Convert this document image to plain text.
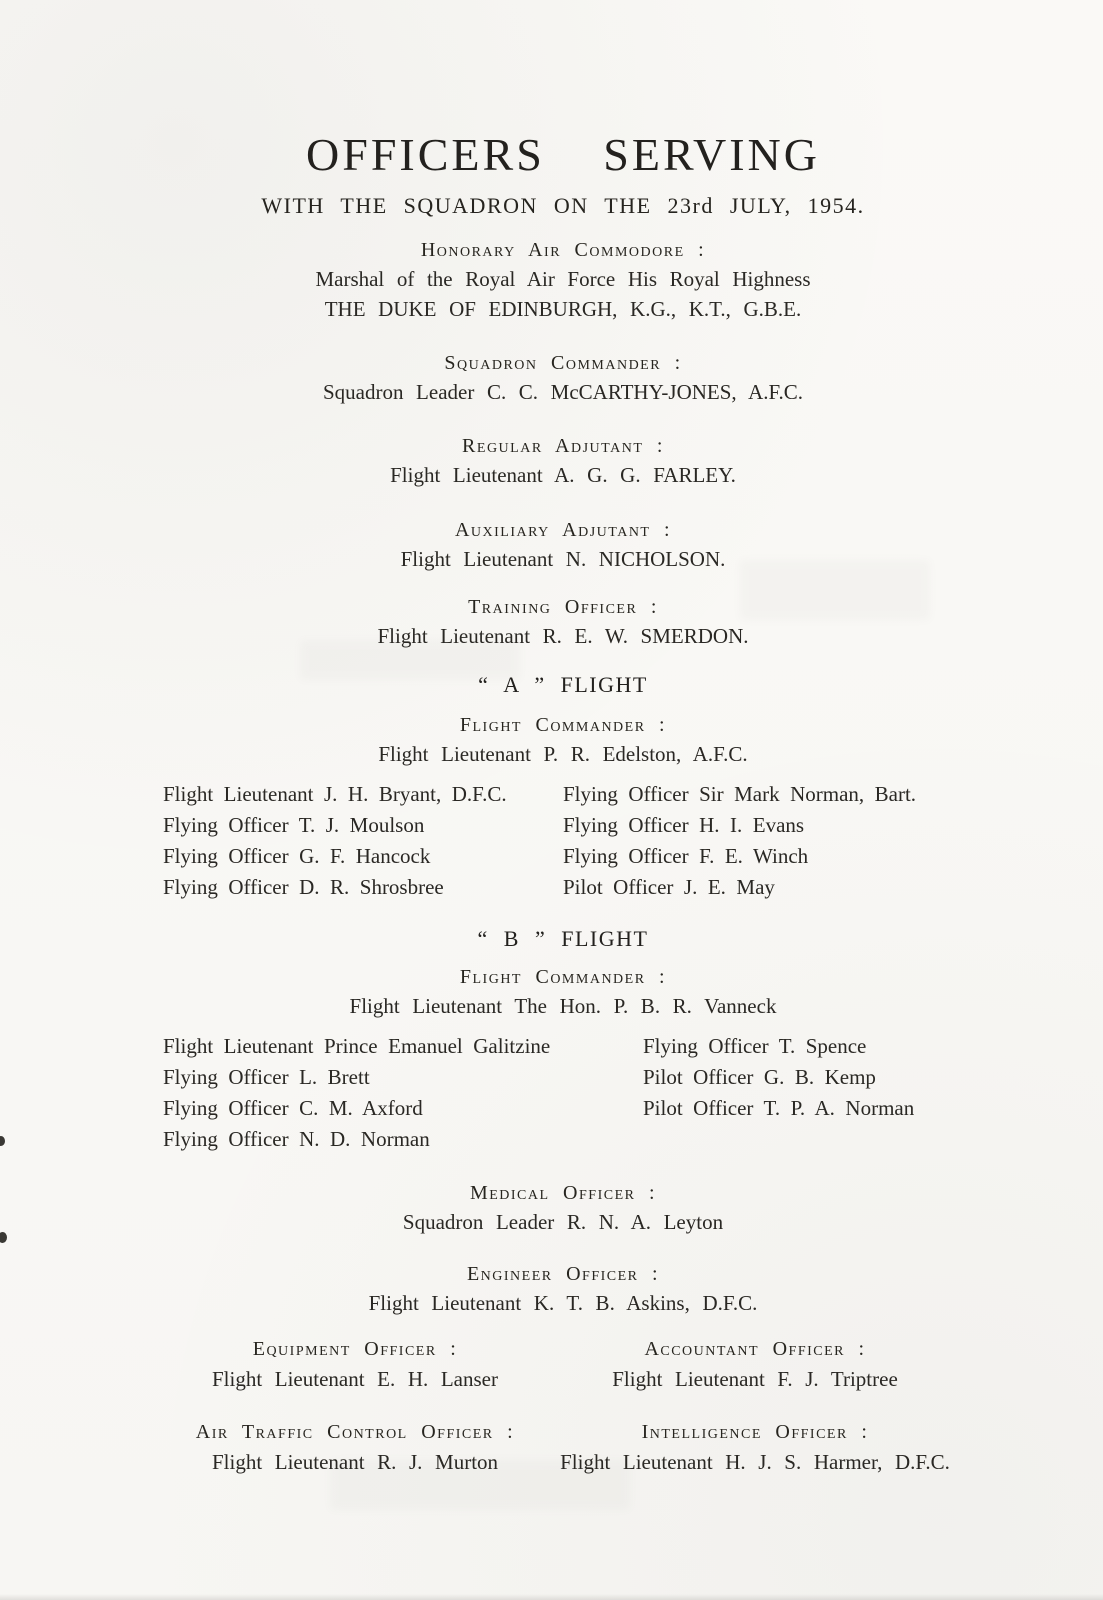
OFFICERS SERVING
WITH THE SQUADRON ON THE 23rd JULY, 1954.
Honorary Air Commodore :
Marshal of the Royal Air Force His Royal Highness
THE DUKE OF EDINBURGH, K.G., K.T., G.B.E.
Squadron Commander :
Squadron Leader C. C. McCARTHY-JONES, A.F.C.
Regular Adjutant :
Flight Lieutenant A. G. G. FARLEY.
Auxiliary Adjutant :
Flight Lieutenant N. NICHOLSON.
Training Officer :
Flight Lieutenant R. E. W. SMERDON.
“ A ” FLIGHT
Flight Commander :
Flight Lieutenant P. R. Edelston, A.F.C.
Flight Lieutenant J. H. Bryant, D.F.C.
Flying Officer T. J. Moulson
Flying Officer G. F. Hancock
Flying Officer D. R. Shrosbree
Flying Officer Sir Mark Norman, Bart.
Flying Officer H. I. Evans
Flying Officer F. E. Winch
Pilot Officer J. E. May
“ B ” FLIGHT
Flight Commander :
Flight Lieutenant The Hon. P. B. R. Vanneck
Flight Lieutenant Prince Emanuel Galitzine
Flying Officer L. Brett
Flying Officer C. M. Axford
Flying Officer N. D. Norman
Flying Officer T. Spence
Pilot Officer G. B. Kemp
Pilot Officer T. P. A. Norman
Medical Officer :
Squadron Leader R. N. A. Leyton
Engineer Officer :
Flight Lieutenant K. T. B. Askins, D.F.C.
Equipment Officer :
Flight Lieutenant E. H. Lanser
Accountant Officer :
Flight Lieutenant F. J. Triptree
Air Traffic Control Officer :
Flight Lieutenant R. J. Murton
Intelligence Officer :
Flight Lieutenant H. J. S. Harmer, D.F.C.
